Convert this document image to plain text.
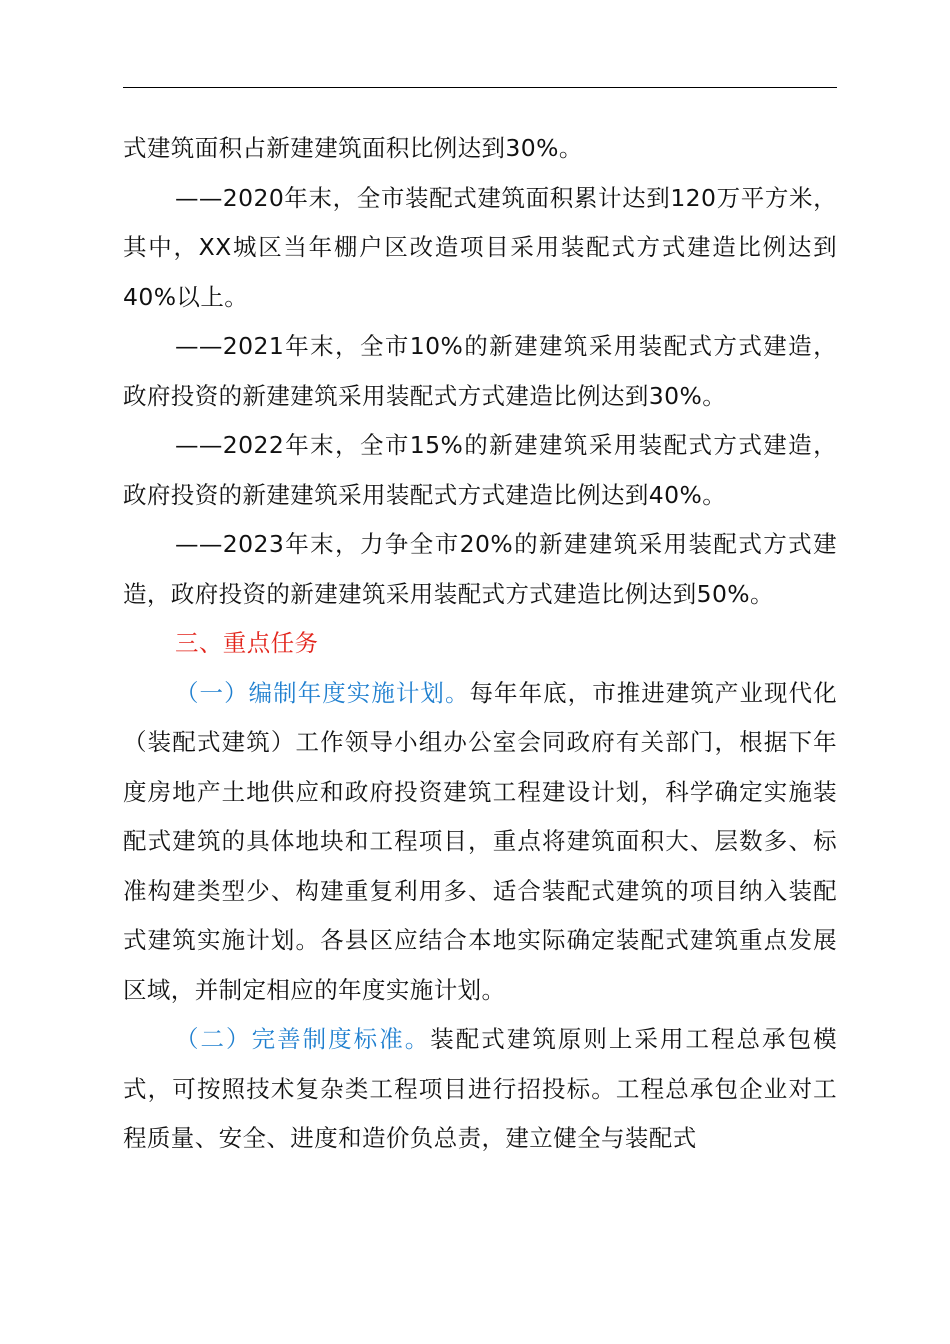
式建筑面积占新建建筑面积比例达到30%。

——2020年末，全市装配式建筑面积累计达到120万平方米，其中，XX城区当年棚户区改造项目采用装配式方式建造比例达到40%以上。

——2021年末，全市10%的新建建筑采用装配式方式建造，政府投资的新建建筑采用装配式方式建造比例达到30%。

——2022年末，全市15%的新建建筑采用装配式方式建造，政府投资的新建建筑采用装配式方式建造比例达到40%。

——2023年末，力争全市20%的新建建筑采用装配式方式建造，政府投资的新建建筑采用装配式方式建造比例达到50%。

三、重点任务

（一）编制年度实施计划。每年年底，市推进建筑产业现代化（装配式建筑）工作领导小组办公室会同政府有关部门，根据下年度房地产土地供应和政府投资建筑工程建设计划，科学确定实施装配式建筑的具体地块和工程项目，重点将建筑面积大、层数多、标准构建类型少、构建重复利用多、适合装配式建筑的项目纳入装配式建筑实施计划。各县区应结合本地实际确定装配式建筑重点发展区域，并制定相应的年度实施计划。

（二）完善制度标准。装配式建筑原则上采用工程总承包模式，可按照技术复杂类工程项目进行招投标。工程总承包企业对工程质量、安全、进度和造价负总责，建立健全与装配式
